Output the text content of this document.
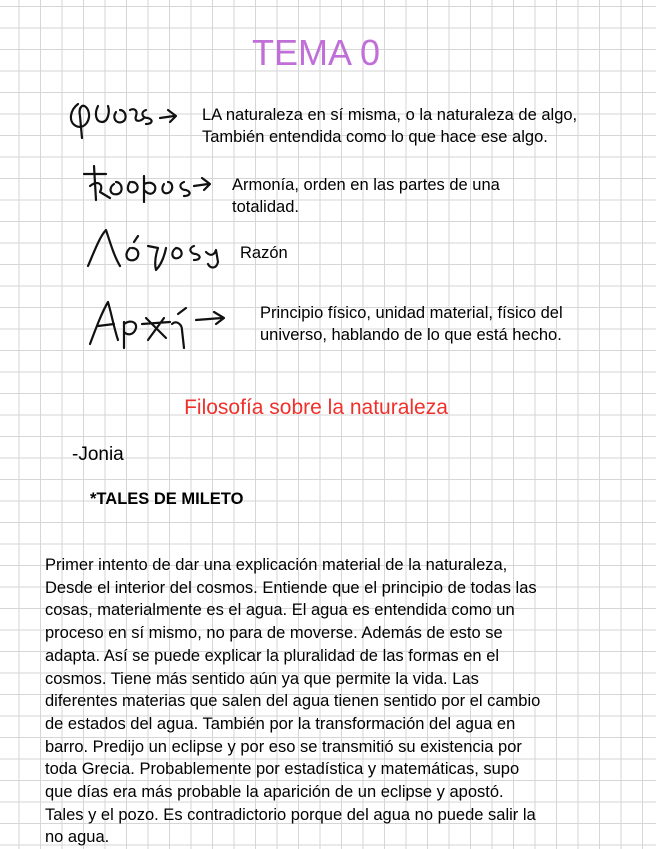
TEMA 0
LA naturaleza en sí misma, o la naturaleza de algo,
También entendida como lo que hace ese algo.
Armonía, orden en las partes de una
totalidad.
Razón
Principio físico, unidad material, físico del
universo, hablando de lo que está hecho.
Filosofía sobre la naturaleza
-Jonia
*TALES DE MILETO
Primer intento de dar una explicación material de la naturaleza,
Desde el interior del cosmos. Entiende que el principio de todas las
cosas, materialmente es el agua. El agua es entendida como un
proceso en sí mismo, no para de moverse. Además de esto se
adapta. Así se puede explicar la pluralidad de las formas en el
cosmos. Tiene más sentido aún ya que permite la vida. Las
diferentes materias que salen del agua tienen sentido por el cambio
de estados del agua. También por la transformación del agua en
barro. Predijo un eclipse y por eso se transmitió su existencia por
toda Grecia. Probablemente por estadística y matemáticas, supo
que días era más probable la aparición de un eclipse y apostó.
Tales y el pozo. Es contradictorio porque del agua no puede salir la
no agua.
